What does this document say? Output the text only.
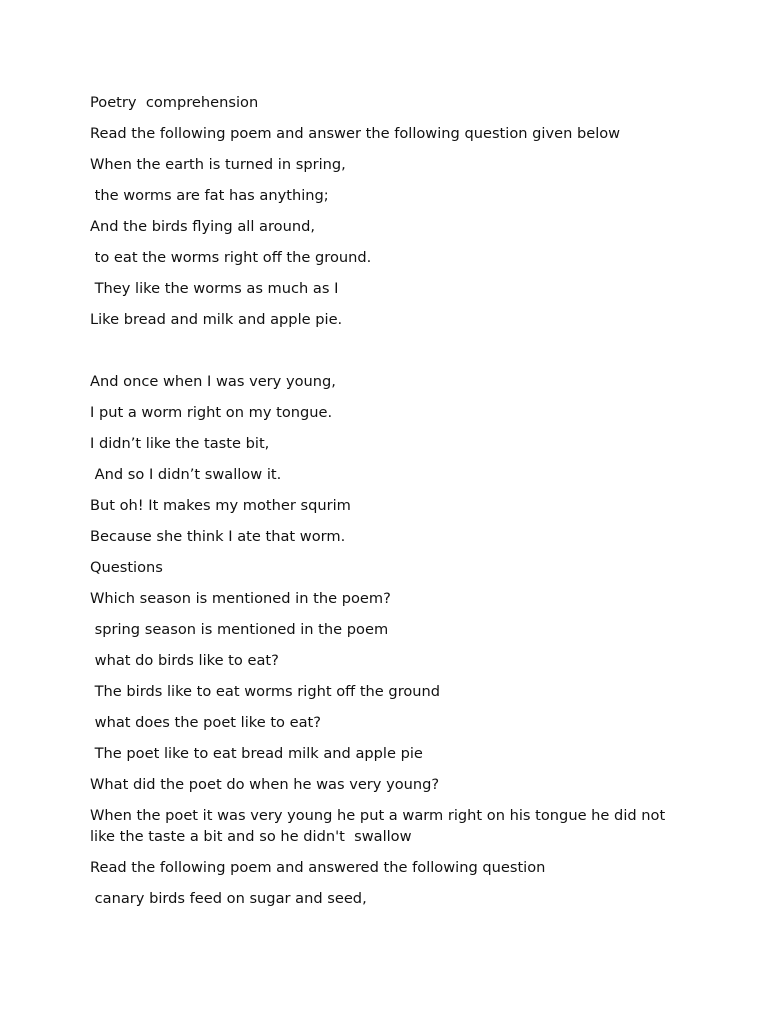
Poetry  comprehension
Read the following poem and answer the following question given below
When the earth is turned in spring,
the worms are fat has anything;
And the birds flying all around,
to eat the worms right off the ground.
They like the worms as much as I
Like bread and milk and apple pie.
And once when I was very young,
I put a worm right on my tongue.
I didn’t like the taste bit,
And so I didn’t swallow it.
But oh! It makes my mother squrim
Because she think I ate that worm.
Questions
Which season is mentioned in the poem?
spring season is mentioned in the poem
what do birds like to eat?
The birds like to eat worms right off the ground
what does the poet like to eat?
The poet like to eat bread milk and apple pie
What did the poet do when he was very young?
When the poet it was very young he put a warm right on his tongue he did not like the taste a bit and so he didn't  swallow
Read the following poem and answered the following question
canary birds feed on sugar and seed,
